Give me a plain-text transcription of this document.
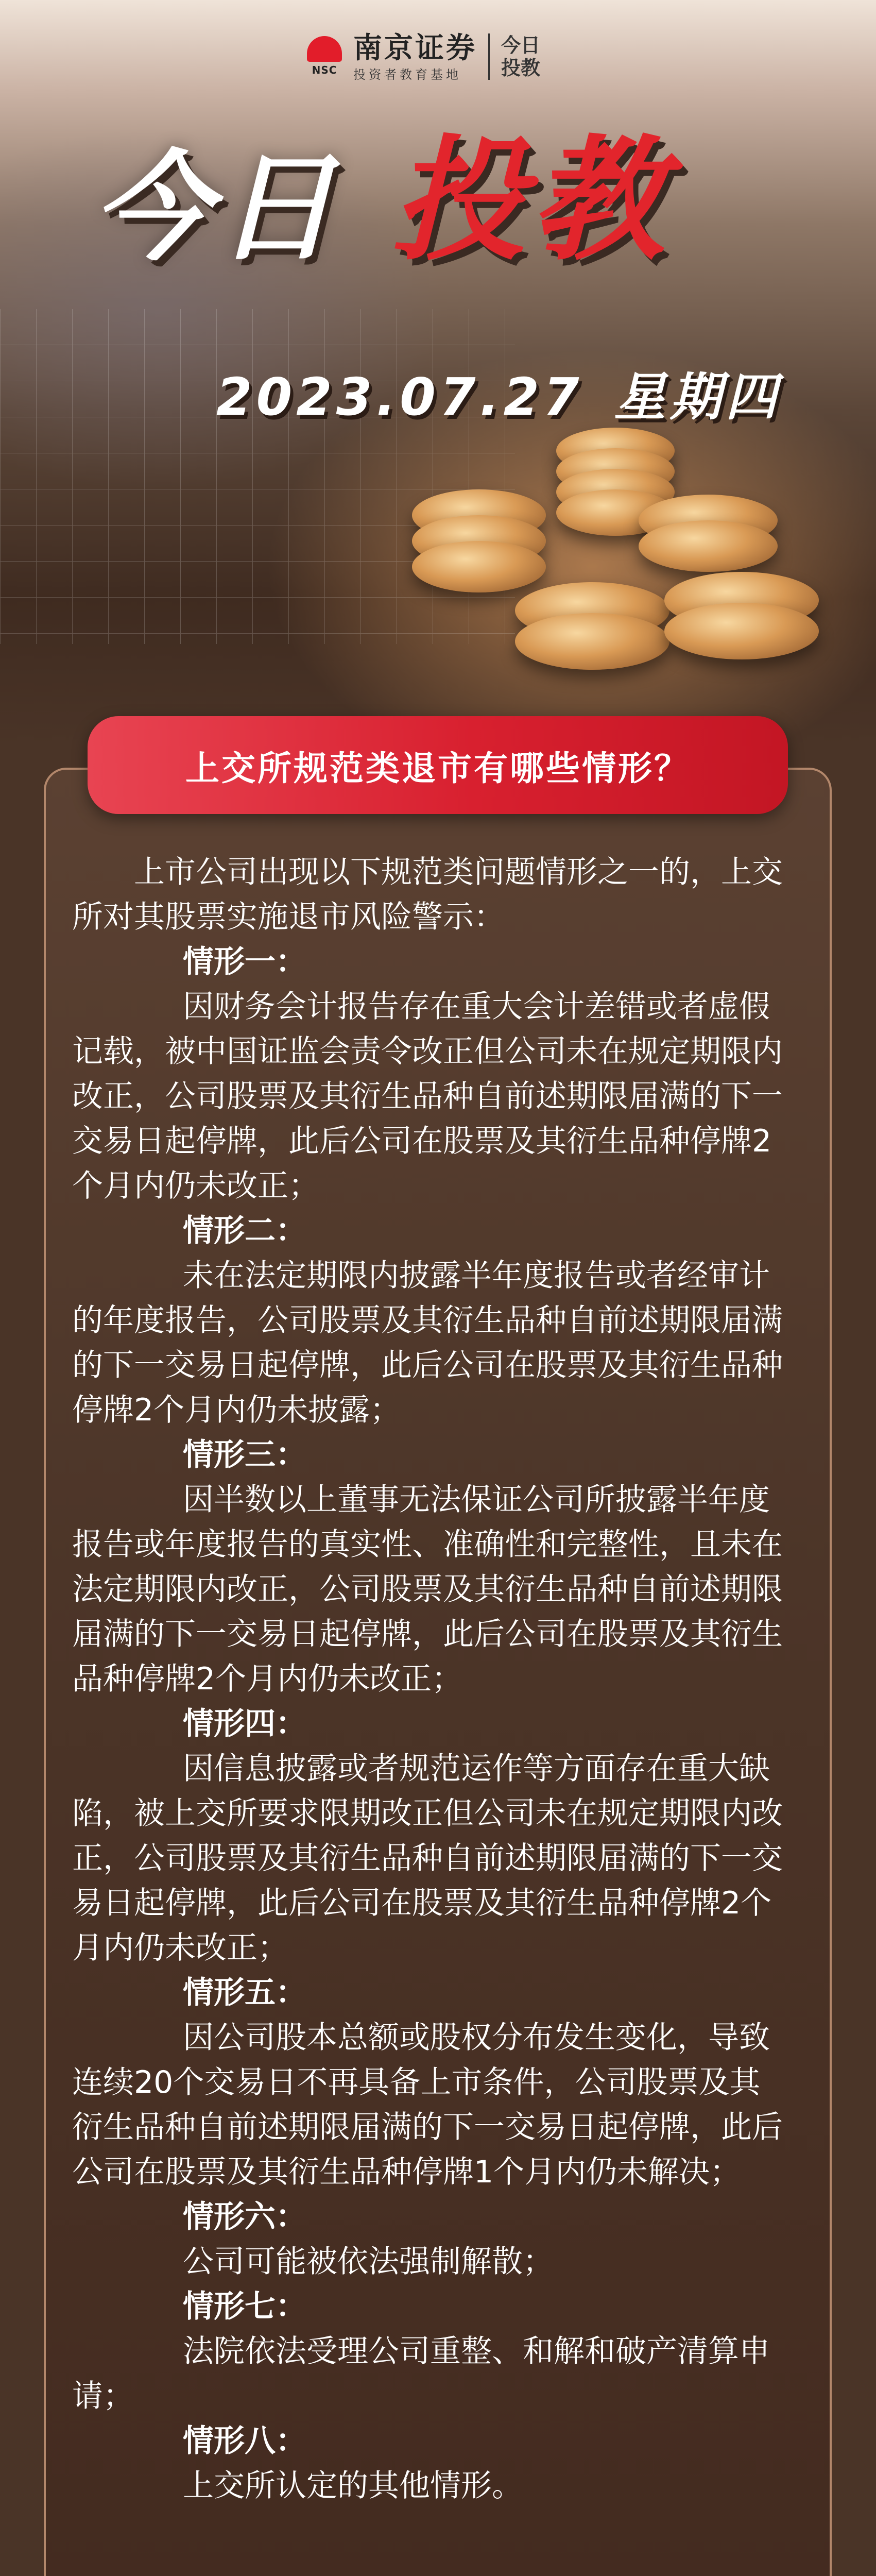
NSC
南京证券
投资者教育基地
今日投教
今日 投教
2023.07.27 星期四
上交所规范类退市有哪些情形？

上市公司出现以下规范类问题情形之一的，上交所对其股票实施退市风险警示：

情形一：

因财务会计报告存在重大会计差错或者虚假记载，被中国证监会责令改正但公司未在规定期限内改正，公司股票及其衍生品种自前述期限届满的下一交易日起停牌，此后公司在股票及其衍生品种停牌2个月内仍未改正；

情形二：

未在法定期限内披露半年度报告或者经审计的年度报告，公司股票及其衍生品种自前述期限届满的下一交易日起停牌，此后公司在股票及其衍生品种停牌2个月内仍未披露；

情形三：

因半数以上董事无法保证公司所披露半年度报告或年度报告的真实性、准确性和完整性，且未在法定期限内改正，公司股票及其衍生品种自前述期限届满的下一交易日起停牌，此后公司在股票及其衍生品种停牌2个月内仍未改正；

情形四：

因信息披露或者规范运作等方面存在重大缺陷，被上交所要求限期改正但公司未在规定期限内改正，公司股票及其衍生品种自前述期限届满的下一交易日起停牌，此后公司在股票及其衍生品种停牌2个月内仍未改正；

情形五：

因公司股本总额或股权分布发生变化，导致连续20个交易日不再具备上市条件，公司股票及其衍生品种自前述期限届满的下一交易日起停牌，此后公司在股票及其衍生品种停牌1个月内仍未解决；

情形六：

公司可能被依法强制解散；

情形七：

法院依法受理公司重整、和解和破产清算申请；

情形八：

上交所认定的其他情形。
